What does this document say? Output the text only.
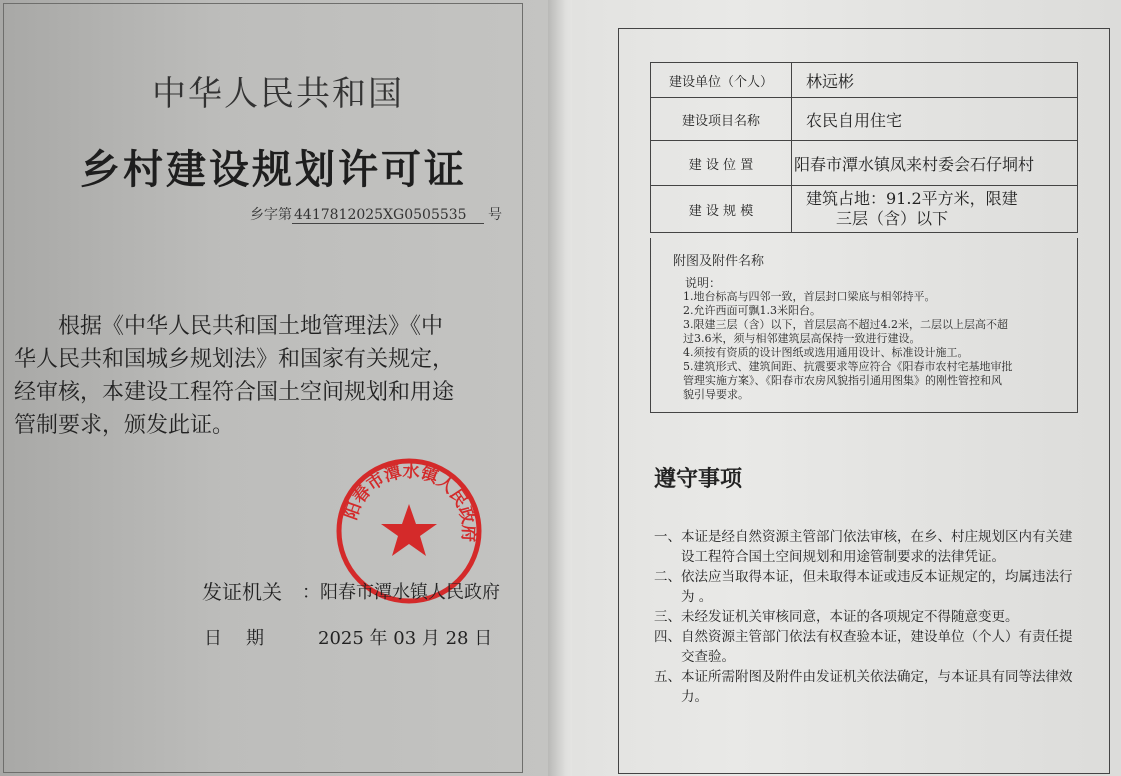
中华人民共和国
乡村建设规划许可证
乡字第 4417812025XG0505535 号
　　根据《中华人民共和国土地管理法》《中
华人民共和国城乡规划法》和国家有关规定，
经审核，本建设工程符合国土空间规划和用途
管制要求，颁发此证。
阳春市潭水镇人民政府
发证机关 ：阳春市潭水镇人民政府
日期 2025 年 03 月 28 日
建设单位（个人）	林远彬
建设项目名称	农民自用住宅
建 设 位 置	阳春市潭水镇凤来村委会石仔垌村
建 设 规 模	建筑占地：91.2平方米，限建
三层（含）以下
附图及附件名称
说明：
1.地台标高与四邻一致，首层封口梁底与相邻持平。
2.允许西面可飘1.3米阳台。
3.限建三层（含）以下，首层层高不超过4.2米，二层以上层高不超
过3.6米，须与相邻建筑层高保持一致进行建设。
4.须按有资质的设计图纸或选用通用设计、标准设计施工。
5.建筑形式、建筑间距、抗震要求等应符合《阳春市农村宅基地审批
管理实施方案》、《阳春市农房风貌指引通用图集》的刚性管控和风
貌引导要求。
遵守事项
一、本证是经自然资源主管部门依法审核，在乡、村庄规划区内有关建
　　设工程符合国土空间规划和用途管制要求的法律凭证。
二、依法应当取得本证，但未取得本证或违反本证规定的，均属违法行
　　为 。
三、未经发证机关审核同意，本证的各项规定不得随意变更。
四、自然资源主管部门依法有权查验本证，建设单位（个人）有责任提
　　交查验。
五、本证所需附图及附件由发证机关依法确定，与本证具有同等法律效
　　力。
